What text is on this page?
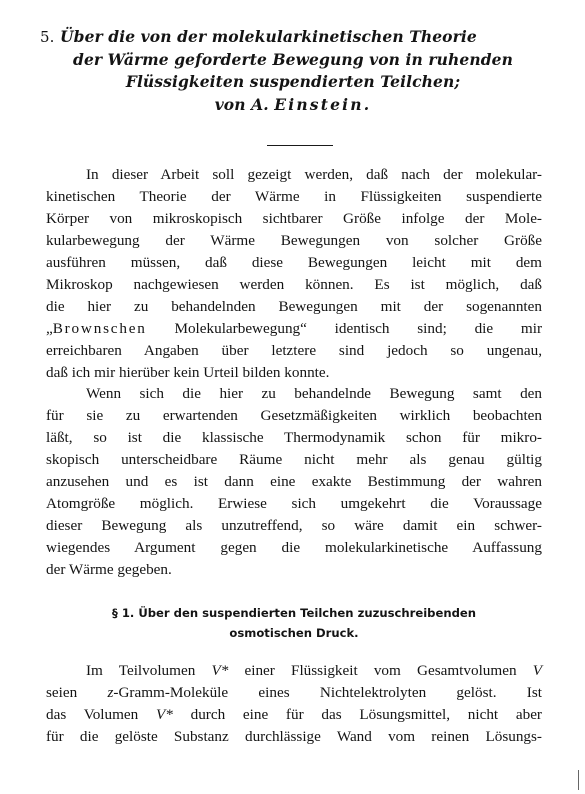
5. Über die von der molekularkinetischen Theorie
der Wärme geforderte Bewegung von in ruhenden
Flüssigkeiten suspendierten Teilchen;
von A. Einstein.
In dieser Arbeit soll gezeigt werden, daß nach der molekular-
kinetischen Theorie der Wärme in Flüssigkeiten suspendierte
Körper von mikroskopisch sichtbarer Größe infolge der Mole-
kularbewegung der Wärme Bewegungen von solcher Größe
ausführen müssen, daß diese Bewegungen leicht mit dem
Mikroskop nachgewiesen werden können. Es ist möglich, daß
die hier zu behandelnden Bewegungen mit der sogenannten
„Brownschen Molekularbewegung“ identisch sind; die mir
erreichbaren Angaben über letztere sind jedoch so ungenau,
daß ich mir hierüber kein Urteil bilden konnte.
Wenn sich die hier zu behandelnde Bewegung samt den
für sie zu erwartenden Gesetzmäßigkeiten wirklich beobachten
läßt, so ist die klassische Thermodynamik schon für mikro-
skopisch unterscheidbare Räume nicht mehr als genau gültig
anzusehen und es ist dann eine exakte Bestimmung der wahren
Atomgröße möglich. Erwiese sich umgekehrt die Voraussage
dieser Bewegung als unzutreffend, so wäre damit ein schwer-
wiegendes Argument gegen die molekularkinetische Auffassung
der Wärme gegeben.
§ 1. Über den suspendierten Teilchen zuzuschreibenden
osmotischen Druck.
Im Teilvolumen V* einer Flüssigkeit vom Gesamtvolumen V
seien z-Gramm-Moleküle eines Nichtelektrolyten gelöst. Ist
das Volumen V* durch eine für das Lösungsmittel, nicht aber
für die gelöste Substanz durchlässige Wand vom reinen Lösungs-
